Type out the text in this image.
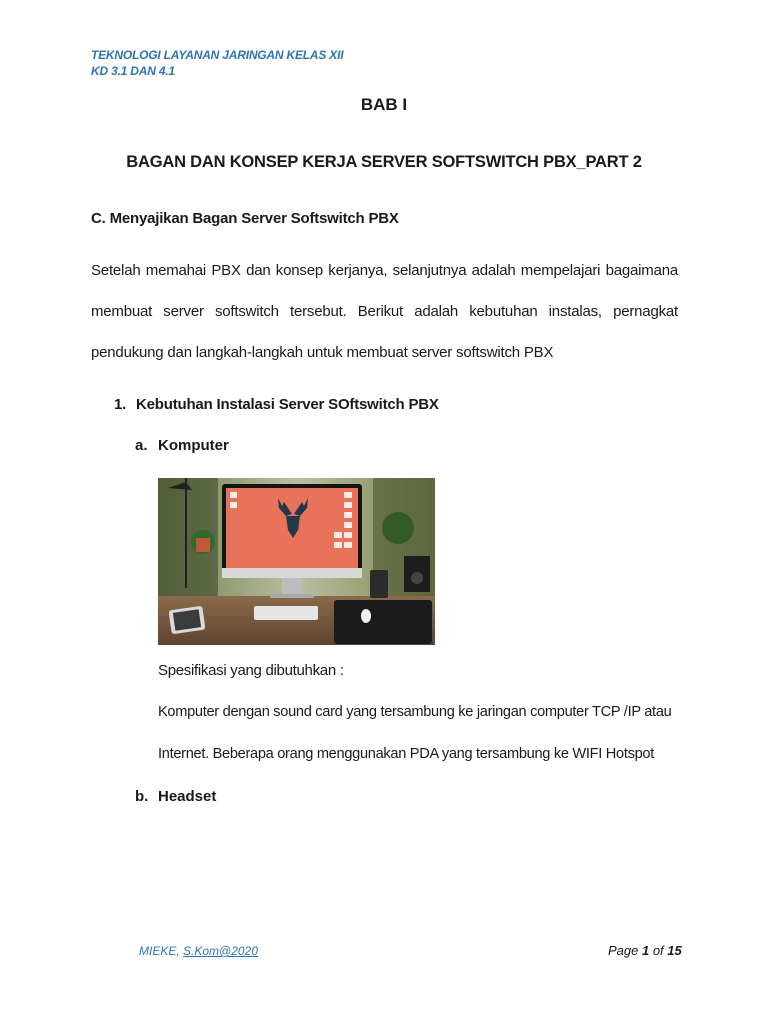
TEKNOLOGI LAYANAN JARINGAN KELAS XII
KD 3.1 DAN 4.1
BAB I
BAGAN DAN KONSEP KERJA SERVER SOFTSWITCH PBX_PART 2
C. Menyajikan Bagan Server Softswitch PBX
Setelah memahai PBX dan konsep kerjanya, selanjutnya adalah mempelajari bagaimana
membuat server softswitch tersebut. Berikut adalah kebutuhan instalas, pernagkat
pendukung dan langkah-langkah untuk membuat server softswitch PBX
1. Kebutuhan Instalasi Server SOftswitch PBX
a. Komputer
Spesifikasi yang dibutuhkan :
Komputer dengan sound card yang tersambung ke jaringan computer TCP /IP atau
Internet. Beberapa orang menggunakan PDA yang tersambung ke WIFI Hotspot
b. Headset
MIEKE, S.Kom@2020	Page 1 of 15
